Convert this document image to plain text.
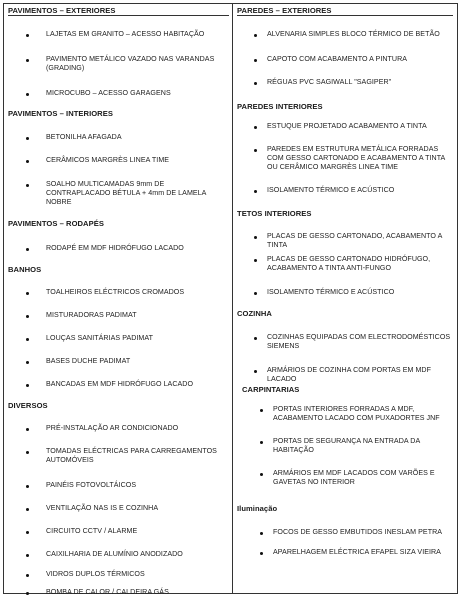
PAVIMENTOS – EXTERIORES
LAJETAS EM GRANITO – ACESSO HABITAÇÃO
PAVIMENTO METÁLICO VAZADO NAS VARANDAS (GRADING)
MICROCUBO – ACESSO GARAGENS
PAVIMENTOS – INTERIORES
BETONILHA AFAGADA
CERÂMICOS MARGRÈS LINEA TIME
SOALHO MULTICAMADAS 9mm DE CONTRAPLACADO BÉTULA + 4mm DE LAMELA NOBRE
PAVIMENTOS – RODAPÉS
RODAPÉ EM MDF HIDRÓFUGO LACADO
BANHOS
TOALHEIROS ELÉCTRICOS CROMADOS
MISTURADORAS PADIMAT
LOUÇAS SANITÁRIAS PADIMAT
BASES DUCHE PADIMAT
BANCADAS EM MDF HIDRÓFUGO LACADO
DIVERSOS
PRÉ-INSTALAÇÃO AR CONDICIONADO
TOMADAS ELÉCTRICAS PARA CARREGAMENTOS AUTOMÓVEIS
PAINÉIS FOTOVOLTÁICOS
VENTILAÇÃO NAS IS E COZINHA
CIRCUITO CCTV / ALARME
CAIXILHARIA DE ALUMÍNIO ANODIZADO
VIDROS DUPLOS TÉRMICOS
BOMBA DE CALOR / CALDEIRA GÁS
PAREDES – EXTERIORES
ALVENARIA SIMPLES BLOCO TÉRMICO DE BETÃO
CAPOTO COM ACABAMENTO A PINTURA
RÉGUAS PVC SAGIWALL "SAGIPER"
PAREDES INTERIORES
ESTUQUE PROJETADO ACABAMENTO A TINTA
PAREDES EM ESTRUTURA METÁLICA FORRADAS COM GESSO CARTONADO E ACABAMENTO A TINTA OU CERÂMICO MARGRÈS LINEA TIME
ISOLAMENTO TÉRMICO E ACÚSTICO
TETOS INTERIORES
PLACAS DE GESSO CARTONADO, ACABAMENTO A TINTA
PLACAS DE GESSO CARTONADO HIDRÓFUGO, ACABAMENTO A TINTA ANTI-FUNGO
ISOLAMENTO TÉRMICO E ACÚSTICO
COZINHA
COZINHAS EQUIPADAS COM ELECTRODOMÉSTICOS SIEMENS
ARMÁRIOS DE COZINHA COM PORTAS EM MDF LACADO
CARPINTARIAS
PORTAS INTERIORES FORRADAS A MDF, ACABAMENTO LACADO COM PUXADORTES JNF
PORTAS DE SEGURANÇA NA ENTRADA DA HABITAÇÃO
ARMÁRIOS EM MDF LACADOS COM VARÕES E GAVETAS NO INTERIOR
Iluminação
FOCOS DE GESSO EMBUTIDOS INESLAM PETRA
APARELHAGEM ELÉCTRICA EFAPEL SIZA VIEIRA
